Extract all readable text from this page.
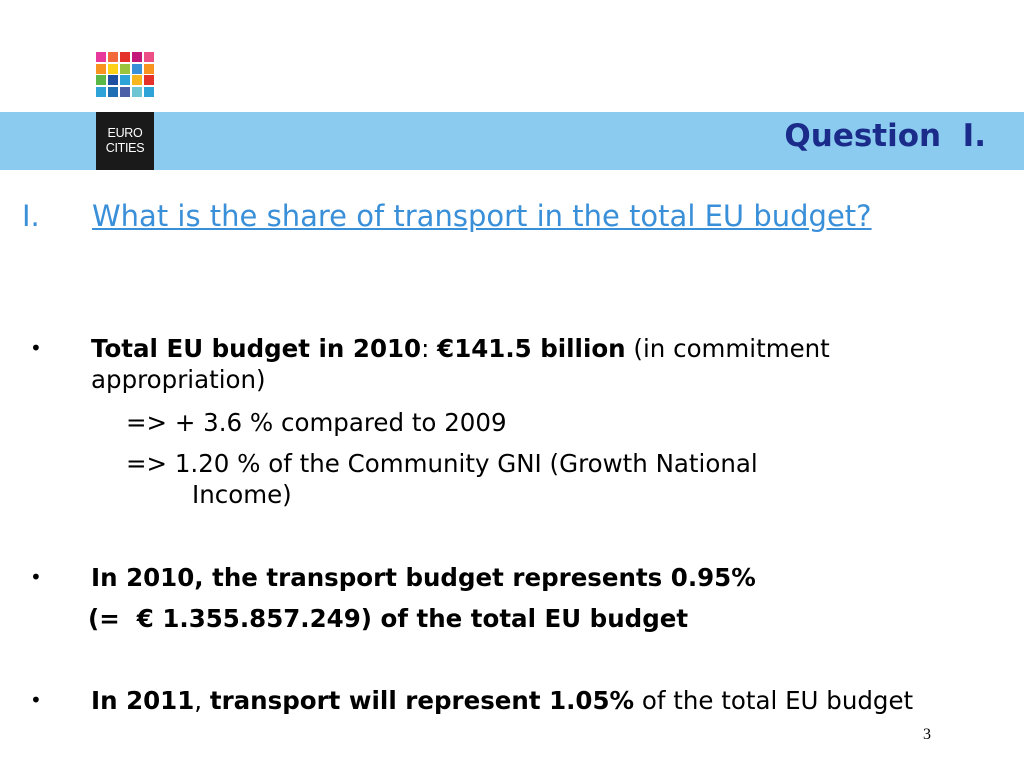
EURO
CITIES	Question  I.
I. What is the share of transport in the total EU budget?
• Total EU budget in 2010: €141.5 billion (in commitment appropriation)
=> + 3.6 % compared to 2009
=> 1.20 % of the Community GNI (Growth National
Income)
• In 2010, the transport budget represents 0.95%
(=  € 1.355.857.249) of the total EU budget
• In 2011, transport will represent 1.05% of the total EU budget
3
